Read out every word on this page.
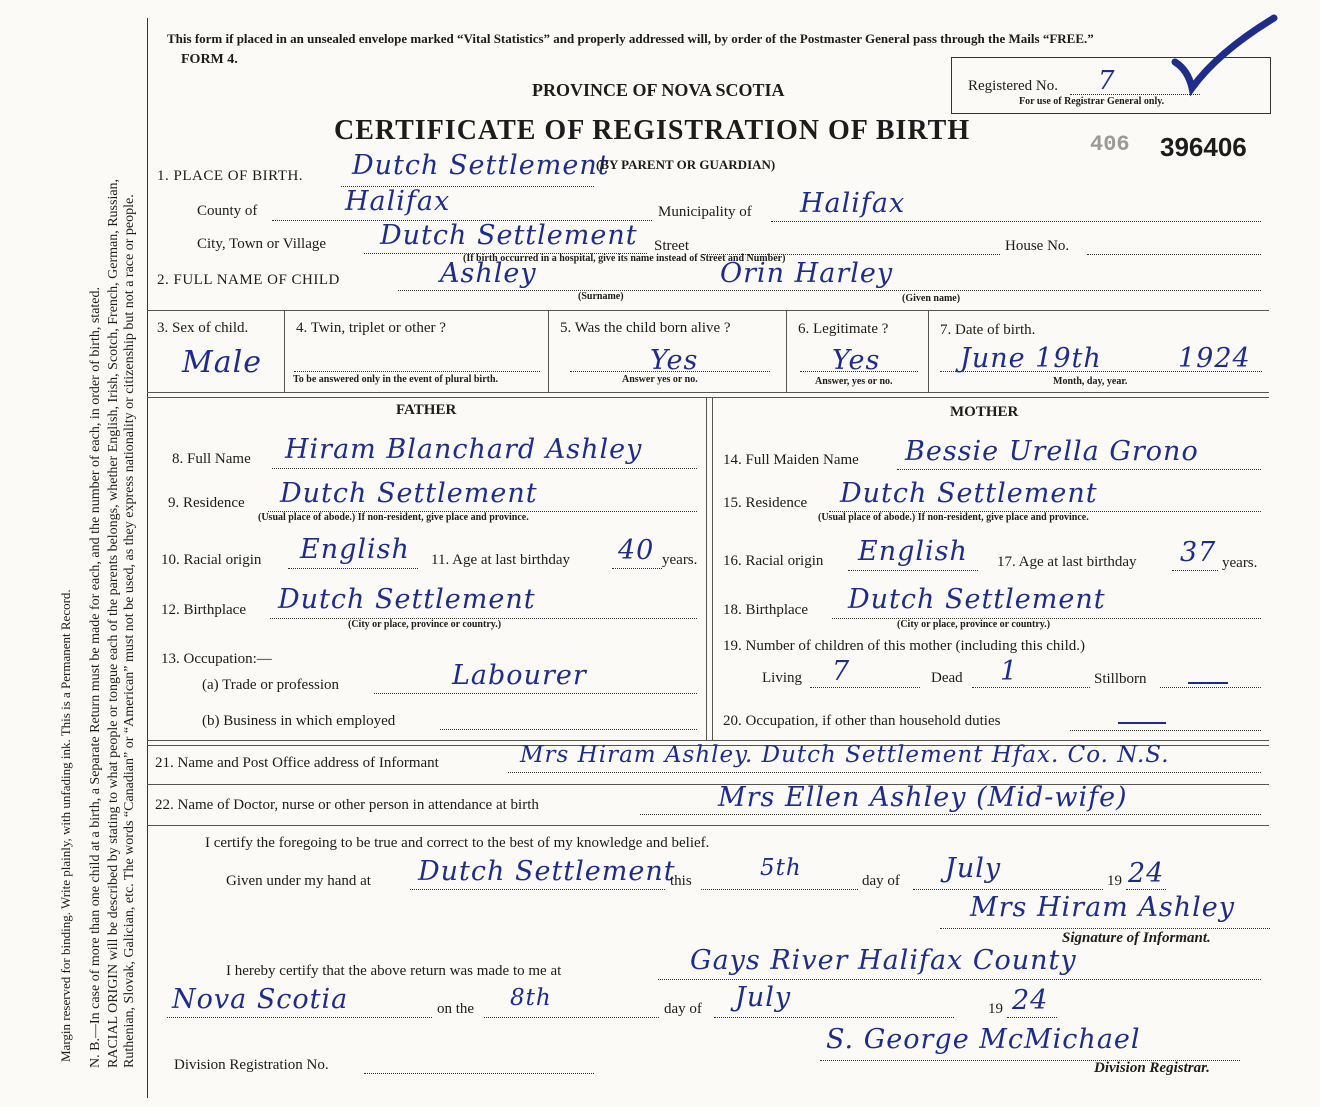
Margin reserved for binding. Write plainly, with unfading ink. This is a Permanent Record. N. B.—In case of more than one child at a birth, a Separate Return must be made for each, and the number of each, in order of birth, stated. RACIAL ORIGIN will be described by stating to what people or tongue each of the parents belongs, whether English, Irish, Scotch, French, German, Russian, Ruthenian, Slovak, Galician, etc. The words “Canadian” or “American” must not be used, as they express nationality or citizenship but not a race or people.
This form if placed in an unsealed envelope marked “Vital Statistics” and properly addressed will, by order of the Postmaster General pass through the Mails “FREE.”
FORM 4.
PROVINCE OF NOVA SCOTIA
CERTIFICATE OF REGISTRATION OF BIRTH
Registered No. 7
For use of Registrar General only.
406 396406
1. PLACE OF BIRTH. Dutch Settlement
(BY PARENT OR GUARDIAN)
County of	Halifax	Municipality of Halifax
City, Town or Village Dutch Settlement Street	House No.
(If birth occurred in a hospital, give its name instead of Street and Number)
2. FULL NAME OF CHILD	Ashley
(Surname)
Orin Harley
(Given name)
3. Sex of child.
Male
4. Twin, triplet or other ?
To be answered only in the event of plural birth.
5. Was the child born alive ?
Yes
Answer yes or no.
6. Legitimate ?
Yes
Answer, yes or no.
7. Date of birth.
June 19th	1924
Month, day, year.
FATHER	MOTHER
8. Full Name Hiram Blanchard Ashley
9. Residence Dutch Settlement
(Usual place of abode.) If non-resident, give place and province.
10. Racial origin English 11. Age at last birthday 40 years.
12. Birthplace Dutch Settlement
(City or place, province or country.)
13. Occupation:—
(a) Trade or profession	Labourer
(b) Business in which employed
14. Full Maiden Name Bessie Urella Grono
15. Residence Dutch Settlement
(Usual place of abode.) If non-resident, give place and province.
16. Racial origin English 17. Age at last birthday 37 years.
18. Birthplace Dutch Settlement
(City or place, province or country.)
19. Number of children of this mother (including this child.)
Living 7	Dead 1	Stillborn
20. Occupation, if other than household duties
21. Name and Post Office address of Informant	Mrs Hiram Ashley. Dutch Settlement Hfax. Co. N.S.
22. Name of Doctor, nurse or other person in attendance at birth	Mrs Ellen Ashley (Mid-wife)
I certify the foregoing to be true and correct to the best of my knowledge and belief.
Given under my hand at Dutch Settlement
this	5th	day of July	19 24
Mrs Hiram Ashley
Signature of Informant.
I hereby certify that the above return was made to me at	Gays River Halifax County
Nova Scotia	on the 8th	day of July	19 24
S. George McMichael
Division Registrar.
Division Registration No.
